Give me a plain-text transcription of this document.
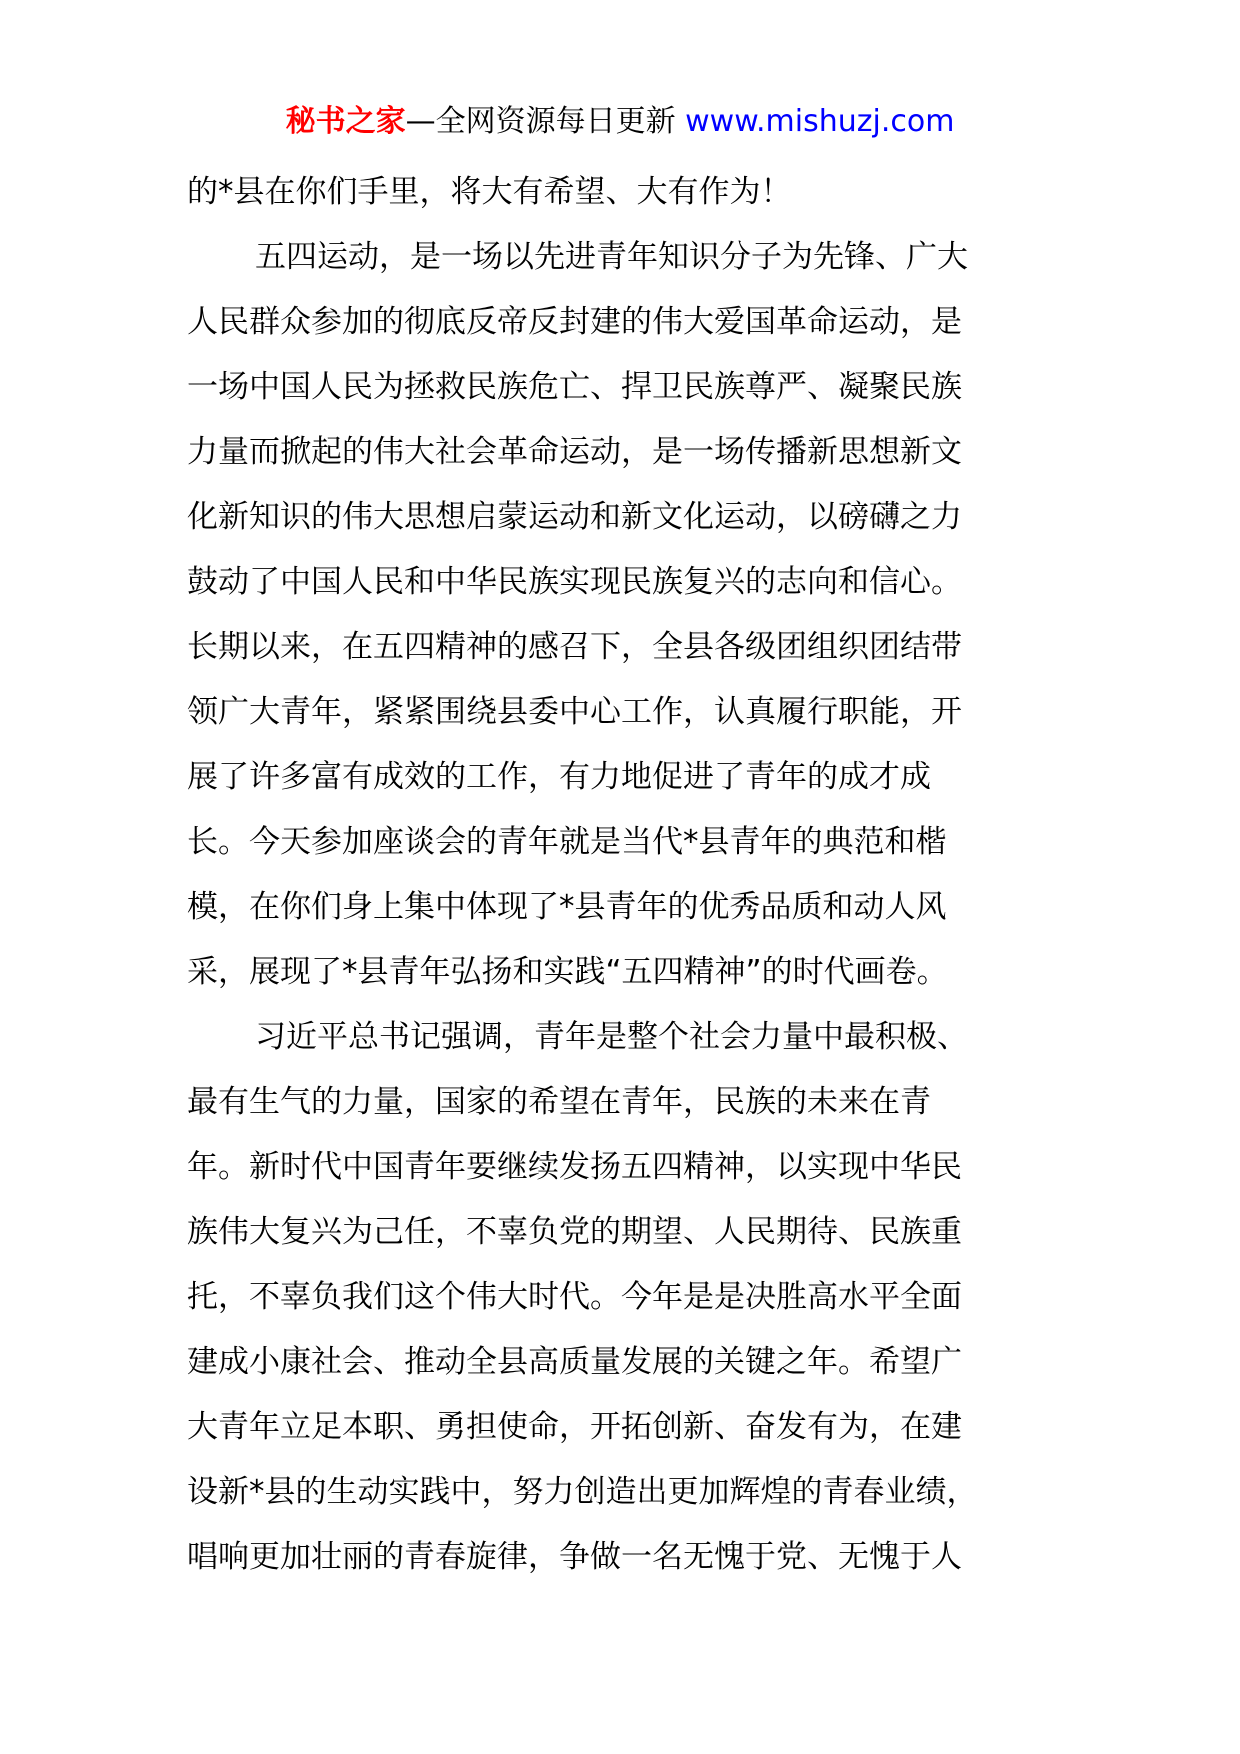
秘书之家—全网资源每日更新 www.mishuzj.com
的*县在你们手里，将大有希望、大有作为！
五四运动，是一场以先进青年知识分子为先锋、广大
人民群众参加的彻底反帝反封建的伟大爱国革命运动，是
一场中国人民为拯救民族危亡、捍卫民族尊严、凝聚民族
力量而掀起的伟大社会革命运动，是一场传播新思想新文
化新知识的伟大思想启蒙运动和新文化运动，以磅礴之力
鼓动了中国人民和中华民族实现民族复兴的志向和信心。
长期以来，在五四精神的感召下，全县各级团组织团结带
领广大青年，紧紧围绕县委中心工作，认真履行职能，开
展了许多富有成效的工作，有力地促进了青年的成才成
长。今天参加座谈会的青年就是当代*县青年的典范和楷
模，在你们身上集中体现了*县青年的优秀品质和动人风
采，展现了*县青年弘扬和实践“五四精神”的时代画卷。
习近平总书记强调，青年是整个社会力量中最积极、
最有生气的力量，国家的希望在青年，民族的未来在青
年。新时代中国青年要继续发扬五四精神，以实现中华民
族伟大复兴为己任，不辜负党的期望、人民期待、民族重
托，不辜负我们这个伟大时代。今年是是决胜高水平全面
建成小康社会、推动全县高质量发展的关键之年。希望广
大青年立足本职、勇担使命，开拓创新、奋发有为，在建
设新*县的生动实践中，努力创造出更加辉煌的青春业绩，
唱响更加壮丽的青春旋律，争做一名无愧于党、无愧于人
